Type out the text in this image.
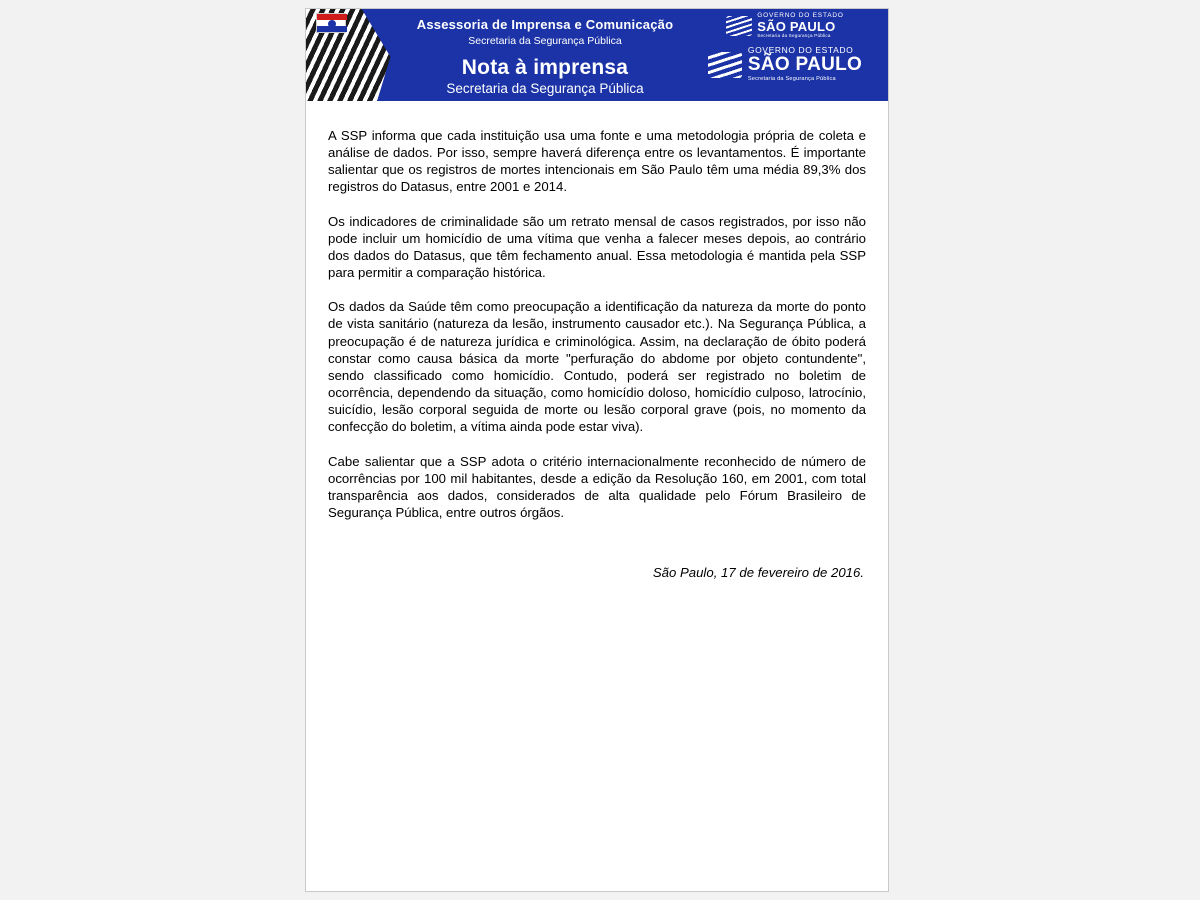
Assessoria de Imprensa e Comunicação
Secretaria da Segurança Pública
Nota à imprensa
Secretaria da Segurança Pública
GOVERNO DO ESTADO
SÃO PAULO
Secretaria da Segurança Pública
GOVERNO DO ESTADO
SÃO PAULO
Secretaria da Segurança Pública

A SSP informa que cada instituição usa uma fonte e uma metodologia própria de coleta e análise de dados. Por isso, sempre haverá diferença entre os levantamentos. É importante salientar que os registros de mortes intencionais em São Paulo têm uma média 89,3% dos registros do Datasus, entre 2001 e 2014.

Os indicadores de criminalidade são um retrato mensal de casos registrados, por isso não pode incluir um homicídio de uma vítima que venha a falecer meses depois, ao contrário dos dados do Datasus, que têm fechamento anual. Essa metodologia é mantida pela SSP para permitir a comparação histórica.

Os dados da Saúde têm como preocupação a identificação da natureza da morte do ponto de vista sanitário (natureza da lesão, instrumento causador etc.). Na Segurança Pública, a preocupação é de natureza jurídica e criminológica. Assim, na declaração de óbito poderá constar como causa básica da morte "perfuração do abdome por objeto contundente", sendo classificado como homicídio. Contudo, poderá ser registrado no boletim de ocorrência, dependendo da situação, como homicídio doloso, homicídio culposo, latrocínio, suicídio, lesão corporal seguida de morte ou lesão corporal grave (pois, no momento da confecção do boletim, a vítima ainda pode estar viva).

Cabe salientar que a SSP adota o critério internacionalmente reconhecido de número de ocorrências por 100 mil habitantes, desde a edição da Resolução 160, em 2001, com total transparência aos dados, considerados de alta qualidade pelo Fórum Brasileiro de Segurança Pública, entre outros órgãos.

São Paulo, 17 de fevereiro de 2016.
